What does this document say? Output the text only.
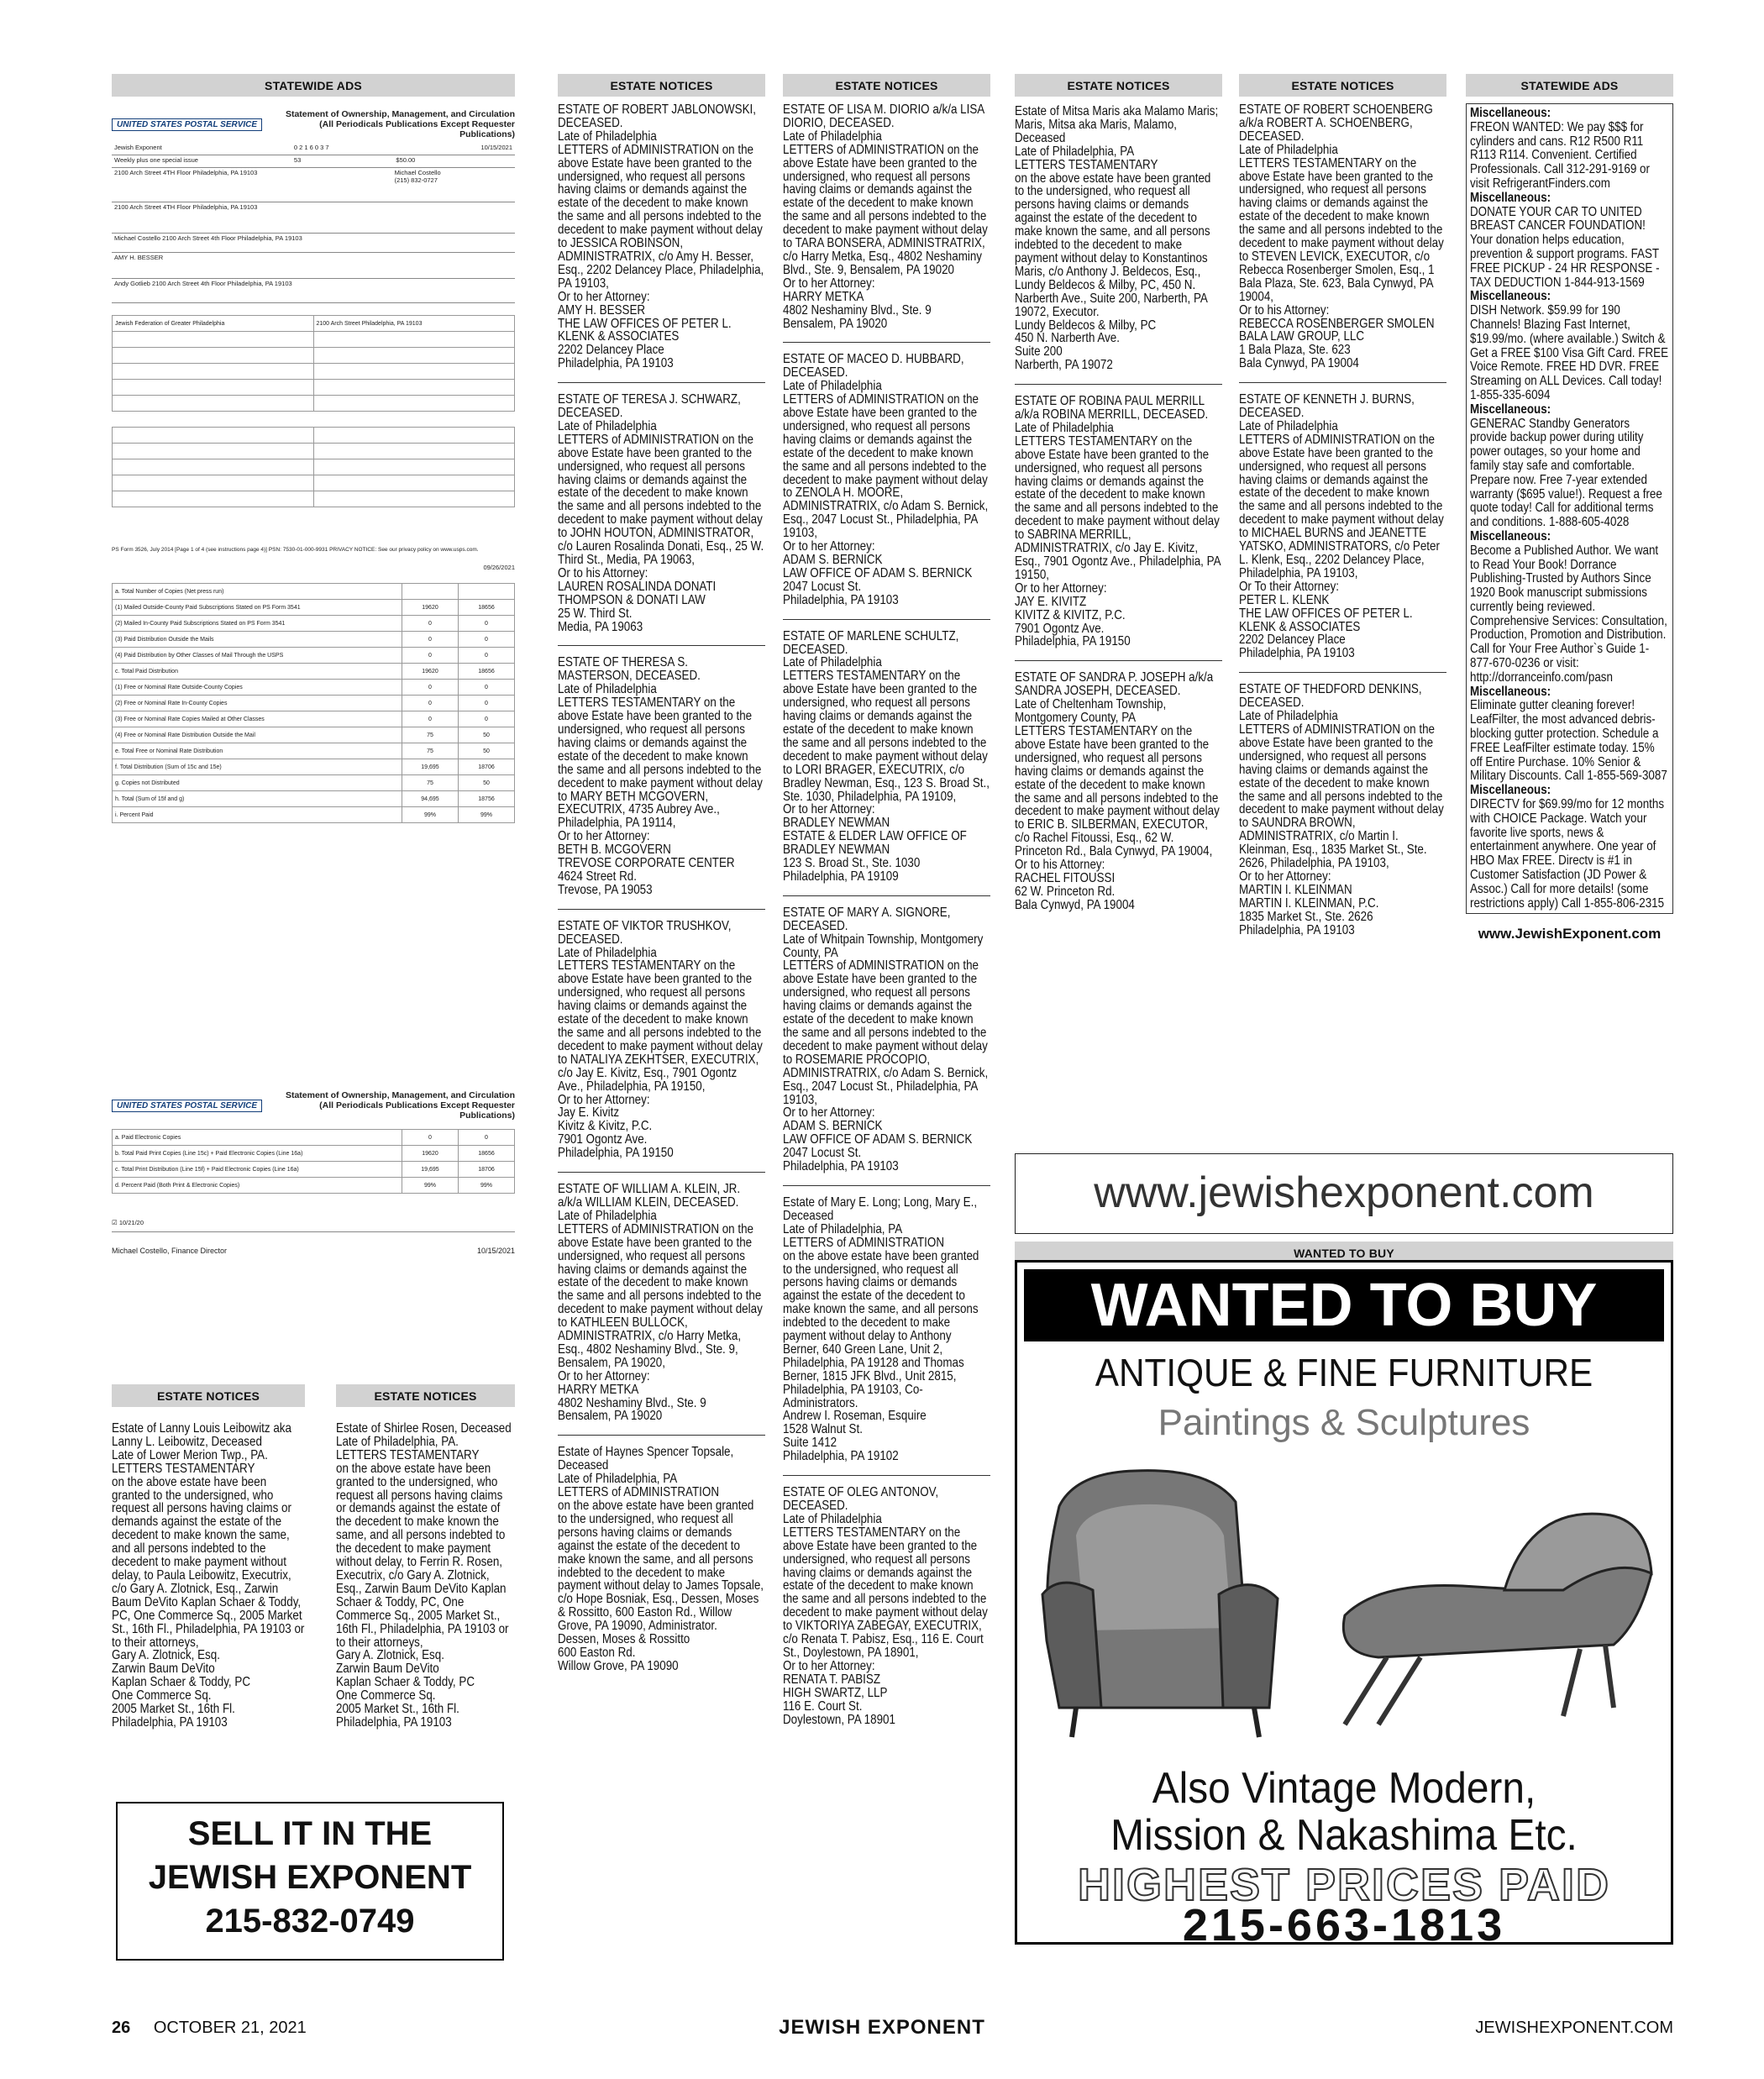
STATEWIDE ADS
UNITED STATES POSTAL SERVICE
Statement of Ownership, Management, and Circulation (All Periodicals Publications Except Requester Publications)
Jewish Exponent	0 2 1 6 0 3 7	10/15/2021
Weekly plus one special issue	53	$50.00
2100 Arch Street 4TH Floor Philadelphia, PA 19103	Michael Costello
(215) 832-0727
2100 Arch Street 4TH Floor Philadelphia, PA 19103
Michael Costello 2100 Arch Street 4th Floor Philadelphia, PA 19103
AMY H. BESSER
Andy Gotlieb 2100 Arch Street 4th Floor Philadelphia, PA 19103
Jewish Federation of Greater Philadelphia	2100 Arch Street Philadelphia, PA 19103

PS Form 3526, July 2014 [Page 1 of 4 (see instructions page 4)] PSN: 7530-01-000-9931 PRIVACY NOTICE: See our privacy policy on www.usps.com.
09/26/2021
a. Total Number of Copies (Net press run)		
(1) Mailed Outside-County Paid Subscriptions Stated on PS Form 3541	19620	18656
(2) Mailed In-County Paid Subscriptions Stated on PS Form 3541	0	0
(3) Paid Distribution Outside the Mails	0	0
(4) Paid Distribution by Other Classes of Mail Through the USPS	0	0
c. Total Paid Distribution	19620	18656
(1) Free or Nominal Rate Outside-County Copies	0	0
(2) Free or Nominal Rate In-County Copies	0	0
(3) Free or Nominal Rate Copies Mailed at Other Classes	0	0
(4) Free or Nominal Rate Distribution Outside the Mail	75	50
e. Total Free or Nominal Rate Distribution	75	50
f. Total Distribution (Sum of 15c and 15e)	19,695	18706
g. Copies not Distributed	75	50
h. Total (Sum of 15f and g)	94,695	18756
i. Percent Paid	99%	99%
UNITED STATES POSTAL SERVICE
Statement of Ownership, Management, and Circulation (All Periodicals Publications Except Requester Publications)
a. Paid Electronic Copies	0	0
b. Total Paid Print Copies (Line 15c) + Paid Electronic Copies (Line 16a)	19620	18656
c. Total Print Distribution (Line 15f) + Paid Electronic Copies (Line 16a)	19,695	18706
d. Percent Paid (Both Print & Electronic Copies)	99%	99%
☑ 10/21/20
Michael Costello, Finance Director	10/15/2021
ESTATE NOTICES
Estate of Lanny Louis Leibowitz aka Lanny L. Leibowitz, Deceased
Late of Lower Merion Twp., PA.
LETTERS TESTAMENTARY
on the above estate have been granted to the undersigned, who request all persons having claims or demands against the estate of the decedent to make known the same, and all persons indebted to the decedent to make payment without delay, to Paula Leibowitz, Executrix, c/o Gary A. Zlotnick, Esq., Zarwin Baum DeVito Kaplan Schaer & Toddy, PC, One Commerce Sq., 2005 Market St., 16th Fl., Philadelphia, PA 19103 or to their attorneys,
Gary A. Zlotnick, Esq.
Zarwin Baum DeVito
Kaplan Schaer & Toddy, PC
One Commerce Sq.
2005 Market St., 16th Fl.
Philadelphia, PA 19103
ESTATE NOTICES
Estate of Shirlee Rosen, Deceased
Late of Philadelphia, PA.
LETTERS TESTAMENTARY
on the above estate have been granted to the undersigned, who request all persons having claims or demands against the estate of the decedent to make known the same, and all persons indebted to the decedent to make payment without delay, to Ferrin R. Rosen, Executrix, c/o Gary A. Zlotnick, Esq., Zarwin Baum DeVito Kaplan Schaer & Toddy, PC, One Commerce Sq., 2005 Market St., 16th Fl., Philadelphia, PA 19103 or to their attorneys,
Gary A. Zlotnick, Esq.
Zarwin Baum DeVito
Kaplan Schaer & Toddy, PC
One Commerce Sq.
2005 Market St., 16th Fl.
Philadelphia, PA 19103
SELL IT IN THE
JEWISH EXPONENT
215-832-0749
ESTATE NOTICES
ESTATE OF ROBERT JABLONOWSKI, DECEASED.
Late of Philadelphia
LETTERS of ADMINISTRATION on the above Estate have been granted to the undersigned, who request all persons having claims or demands against the estate of the decedent to make known the same and all persons indebted to the decedent to make payment without delay to JESSICA ROBINSON, ADMINISTRATRIX, c/o Amy H. Besser, Esq., 2202 Delancey Place, Philadelphia, PA 19103,
Or to her Attorney:
AMY H. BESSER
THE LAW OFFICES OF PETER L. KLENK & ASSOCIATES
2202 Delancey Place
Philadelphia, PA 19103
ESTATE OF TERESA J. SCHWARZ, DECEASED.
Late of Philadelphia
LETTERS of ADMINISTRATION on the above Estate have been granted to the undersigned, who request all persons having claims or demands against the estate of the decedent to make known the same and all persons indebted to the decedent to make payment without delay to JOHN HOUTON, ADMINISTRATOR, c/o Lauren Rosalinda Donati, Esq., 25 W. Third St., Media, PA 19063,
Or to his Attorney:
LAUREN ROSALINDA DONATI
THOMPSON & DONATI LAW
25 W. Third St.
Media, PA 19063
ESTATE OF THERESA S. MASTERSON, DECEASED.
Late of Philadelphia
LETTERS TESTAMENTARY on the above Estate have been granted to the undersigned, who request all persons having claims or demands against the estate of the decedent to make known the same and all persons indebted to the decedent to make payment without delay to MARY BETH MCGOVERN, EXECUTRIX, 4735 Aubrey Ave., Philadelphia, PA 19114,
Or to her Attorney:
BETH B. MCGOVERN
TREVOSE CORPORATE CENTER
4624 Street Rd.
Trevose, PA 19053
ESTATE OF VIKTOR TRUSHKOV, DECEASED.
Late of Philadelphia
LETTERS TESTAMENTARY on the above Estate have been granted to the undersigned, who request all persons having claims or demands against the estate of the decedent to make known the same and all persons indebted to the decedent to make payment without delay to NATALIYA ZEKHTSER, EXECUTRIX, c/o Jay E. Kivitz, Esq., 7901 Ogontz Ave., Philadelphia, PA 19150,
Or to her Attorney:
Jay E. Kivitz
Kivitz & Kivitz, P.C.
7901 Ogontz Ave.
Philadelphia, PA 19150
ESTATE OF WILLIAM A. KLEIN, JR. a/k/a WILLIAM KLEIN, DECEASED.
Late of Philadelphia
LETTERS of ADMINISTRATION on the above Estate have been granted to the undersigned, who request all persons having claims or demands against the estate of the decedent to make known the same and all persons indebted to the decedent to make payment without delay to KATHLEEN BULLOCK, ADMINISTRATRIX, c/o Harry Metka, Esq., 4802 Neshaminy Blvd., Ste. 9, Bensalem, PA 19020,
Or to her Attorney:
HARRY METKA
4802 Neshaminy Blvd., Ste. 9
Bensalem, PA 19020
Estate of Haynes Spencer Topsale, Deceased
Late of Philadelphia, PA
LETTERS of ADMINISTRATION
on the above estate have been granted to the undersigned, who request all persons having claims or demands against the estate of the decedent to make known the same, and all persons indebted to the decedent to make payment without delay to James Topsale, c/o Hope Bosniak, Esq., Dessen, Moses & Rossitto, 600 Easton Rd., Willow Grove, PA 19090, Administrator.
Dessen, Moses & Rossitto
600 Easton Rd.
Willow Grove, PA 19090
ESTATE NOTICES
ESTATE OF LISA M. DIORIO a/k/a LISA DIORIO, DECEASED.
Late of Philadelphia
LETTERS of ADMINISTRATION on the above Estate have been granted to the undersigned, who request all persons having claims or demands against the estate of the decedent to make known the same and all persons indebted to the decedent to make payment without delay to TARA BONSERA, ADMINISTRATRIX, c/o Harry Metka, Esq., 4802 Neshaminy Blvd., Ste. 9, Bensalem, PA 19020
Or to her Attorney:
HARRY METKA
4802 Neshaminy Blvd., Ste. 9
Bensalem, PA 19020
ESTATE OF MACEO D. HUBBARD, DECEASED.
Late of Philadelphia
LETTERS of ADMINISTRATION on the above Estate have been granted to the undersigned, who request all persons having claims or demands against the estate of the decedent to make known the same and all persons indebted to the decedent to make payment without delay to ZENOLA H. MOORE, ADMINISTRATRIX, c/o Adam S. Bernick, Esq., 2047 Locust St., Philadelphia, PA 19103,
Or to her Attorney:
ADAM S. BERNICK
LAW OFFICE OF ADAM S. BERNICK
2047 Locust St.
Philadelphia, PA 19103
ESTATE OF MARLENE SCHULTZ, DECEASED.
Late of Philadelphia
LETTERS TESTAMENTARY on the above Estate have been granted to the undersigned, who request all persons having claims or demands against the estate of the decedent to make known the same and all persons indebted to the decedent to make payment without delay to LORI BRAGER, EXECUTRIX, c/o Bradley Newman, Esq., 123 S. Broad St., Ste. 1030, Philadelphia, PA 19109,
Or to her Attorney:
BRADLEY NEWMAN
ESTATE & ELDER LAW OFFICE OF BRADLEY NEWMAN
123 S. Broad St., Ste. 1030
Philadelphia, PA 19109
ESTATE OF MARY A. SIGNORE, DECEASED.
Late of Whitpain Township, Montgomery County, PA
LETTERS of ADMINISTRATION on the above Estate have been granted to the undersigned, who request all persons having claims or demands against the estate of the decedent to make known the same and all persons indebted to the decedent to make payment without delay to ROSEMARIE PROCOPIO, ADMINISTRATRIX, c/o Adam S. Bernick, Esq., 2047 Locust St., Philadelphia, PA 19103,
Or to her Attorney:
ADAM S. BERNICK
LAW OFFICE OF ADAM S. BERNICK
2047 Locust St.
Philadelphia, PA 19103
Estate of Mary E. Long; Long, Mary E., Deceased
Late of Philadelphia, PA
LETTERS of ADMINISTRATION
on the above estate have been granted to the undersigned, who request all persons having claims or demands against the estate of the decedent to make known the same, and all persons indebted to the decedent to make payment without delay to Anthony Berner, 640 Green Lane, Unit 2, Philadelphia, PA 19128 and Thomas Berner, 1815 JFK Blvd., Unit 2815, Philadelphia, PA 19103, Co-Administrators.
Andrew I. Roseman, Esquire
1528 Walnut St.
Suite 1412
Philadelphia, PA 19102
ESTATE OF OLEG ANTONOV, DECEASED.
Late of Philadelphia
LETTERS TESTAMENTARY on the above Estate have been granted to the undersigned, who request all persons having claims or demands against the estate of the decedent to make known the same and all persons indebted to the decedent to make payment without delay to VIKTORIYA ZABEGAY, EXECUTRIX, c/o Renata T. Pabisz, Esq., 116 E. Court St., Doylestown, PA 18901,
Or to her Attorney:
RENATA T. PABISZ
HIGH SWARTZ, LLP
116 E. Court St.
Doylestown, PA 18901
ESTATE NOTICES
Estate of Mitsa Maris aka Malamo Maris; Maris, Mitsa aka Maris, Malamo, Deceased
Late of Philadelphia, PA
LETTERS TESTAMENTARY
on the above estate have been granted to the undersigned, who request all persons having claims or demands against the estate of the decedent to make known the same, and all persons indebted to the decedent to make payment without delay to Konstantinos Maris, c/o Anthony J. Beldecos, Esq., Lundy Beldecos & Milby, PC, 450 N. Narberth Ave., Suite 200, Narberth, PA 19072, Executor.
Lundy Beldecos & Milby, PC
450 N. Narberth Ave.
Suite 200
Narberth, PA 19072
ESTATE OF ROBINA PAUL MERRILL a/k/a ROBINA MERRILL, DECEASED.
Late of Philadelphia
LETTERS TESTAMENTARY on the above Estate have been granted to the undersigned, who request all persons having claims or demands against the estate of the decedent to make known the same and all persons indebted to the decedent to make payment without delay to SABRINA MERRILL, ADMINISTRATRIX, c/o Jay E. Kivitz, Esq., 7901 Ogontz Ave., Philadelphia, PA 19150,
Or to her Attorney:
JAY E. KIVITZ
KIVITZ & KIVITZ, P.C.
7901 Ogontz Ave.
Philadelphia, PA 19150
ESTATE OF SANDRA P. JOSEPH a/k/a SANDRA JOSEPH, DECEASED.
Late of Cheltenham Township, Montgomery County, PA
LETTERS TESTAMENTARY on the above Estate have been granted to the undersigned, who request all persons having claims or demands against the estate of the decedent to make known the same and all persons indebted to the decedent to make payment without delay to ERIC B. SILBERMAN, EXECUTOR, c/o Rachel Fitoussi, Esq., 62 W. Princeton Rd., Bala Cynwyd, PA 19004,
Or to his Attorney:
RACHEL FITOUSSI
62 W. Princeton Rd.
Bala Cynwyd, PA 19004
ESTATE NOTICES
ESTATE OF ROBERT SCHOENBERG a/k/a ROBERT A. SCHOENBERG, DECEASED.
Late of Philadelphia
LETTERS TESTAMENTARY on the above Estate have been granted to the undersigned, who request all persons having claims or demands against the estate of the decedent to make known the same and all persons indebted to the decedent to make payment without delay to STEVEN LEVICK, EXECUTOR, c/o Rebecca Rosenberger Smolen, Esq., 1 Bala Plaza, Ste. 623, Bala Cynwyd, PA 19004,
Or to his Attorney:
REBECCA ROSENBERGER SMOLEN
BALA LAW GROUP, LLC
1 Bala Plaza, Ste. 623
Bala Cynwyd, PA 19004
ESTATE OF KENNETH J. BURNS, DECEASED.
Late of Philadelphia
LETTERS of ADMINISTRATION on the above Estate have been granted to the undersigned, who request all persons having claims or demands against the estate of the decedent to make known the same and all persons indebted to the decedent to make payment without delay to MICHAEL BURNS and JEANETTE YATSKO, ADMINISTRATORS, c/o Peter L. Klenk, Esq., 2202 Delancey Place, Philadelphia, PA 19103,
Or To their Attorney:
PETER L. KLENK
THE LAW OFFICES OF PETER L. KLENK & ASSOCIATES
2202 Delancey Place
Philadelphia, PA 19103
ESTATE OF THEDFORD DENKINS, DECEASED.
Late of Philadelphia
LETTERS of ADMINISTRATION on the above Estate have been granted to the undersigned, who request all persons having claims or demands against the estate of the decedent to make known the same and all persons indebted to the decedent to make payment without delay to SAUNDRA BROWN, ADMINISTRATRIX, c/o Martin I. Kleinman, Esq., 1835 Market St., Ste. 2626, Philadelphia, PA 19103,
Or to her Attorney:
MARTIN I. KLEINMAN
MARTIN I. KLEINMAN, P.C.
1835 Market St., Ste. 2626
Philadelphia, PA 19103
STATEWIDE ADS
Miscellaneous:
FREON WANTED: We pay $$$ for cylinders and cans. R12 R500 R11 R113 R114. Convenient. Certified Professionals. Call 312-291-9169 or visit RefrigerantFinders.com
Miscellaneous:
DONATE YOUR CAR TO UNITED BREAST CANCER FOUNDATION! Your donation helps education, prevention & support programs. FAST FREE PICKUP - 24 HR RESPONSE - TAX DEDUCTION 1-844-913-1569
Miscellaneous:
DISH Network. $59.99 for 190 Channels! Blazing Fast Internet, $19.99/mo. (where available.) Switch & Get a FREE $100 Visa Gift Card. FREE Voice Remote. FREE HD DVR. FREE Streaming on ALL Devices. Call today! 1-855-335-6094
Miscellaneous:
GENERAC Standby Generators provide backup power during utility power outages, so your home and family stay safe and comfortable. Prepare now. Free 7-year extended warranty ($695 value!). Request a free quote today! Call for additional terms and conditions. 1-888-605-4028
Miscellaneous:
Become a Published Author. We want to Read Your Book! Dorrance Publishing-Trusted by Authors Since 1920 Book manuscript submissions currently being reviewed. Comprehensive Services: Consultation, Production, Promotion and Distribution. Call for Your Free Author`s Guide 1-877-670-0236 or visit: http://dorranceinfo.com/pasn
Miscellaneous:
Eliminate gutter cleaning forever! LeafFilter, the most advanced debris-blocking gutter protection. Schedule a FREE LeafFilter estimate today. 15% off Entire Purchase. 10% Senior & Military Discounts. Call 1-855-569-3087
Miscellaneous:
DIRECTV for $69.99/mo for 12 months with CHOICE Package. Watch your favorite live sports, news & entertainment anywhere. One year of HBO Max FREE. Directv is #1 in Customer Satisfaction (JD Power & Assoc.) Call for more details! (some restrictions apply) Call 1-855-806-2315
www.JewishExponent.com
www.jewishexponent.com
WANTED TO BUY
WANTED TO BUY
ANTIQUE & FINE FURNITURE
Paintings & Sculptures
Also Vintage Modern,
Mission & Nakashima Etc.
HIGHEST PRICES PAID
215-663-1813
26 OCTOBER 21, 2021	JEWISH EXPONENT	JEWISHEXPONENT.COM
